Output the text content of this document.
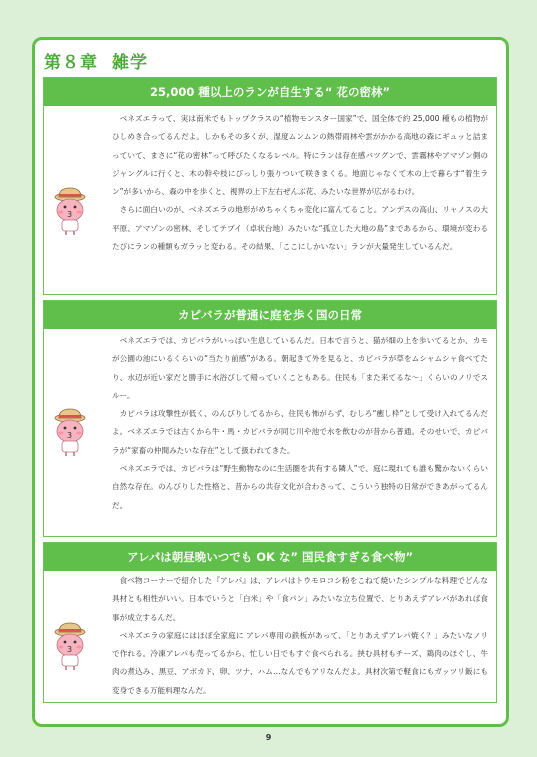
第８章 雑学
25,000 種以上のランが自生する“ 花の密林”
3

ベネズエラって、実は南米でもトップクラスの“植物モンスター国家”で、国全体で約 25,000 種もの植物がひしめき合ってるんだよ。しかもその多くが、湿度ムンムンの熱帯雨林や雲がかかる高地の森にギュッと詰まっていて、まさに“花の密林”って呼びたくなるレベル。特にランは存在感バツグンで、雲霧林やアマゾン側のジャングルに行くと、木の幹や枝にびっしり張りついて咲きまくる。地面じゃなくて木の上で暮らす“着生ラン”が多いから、森の中を歩くと、視界の上下左右ぜんぶ花、みたいな世界が広がるわけ。

さらに面白いのが、ベネズエラの地形がめちゃくちゃ変化に富んてること。アンデスの高山、リャノスの大平原、アマゾンの密林、そしてテプイ（卓状台地）みたいな“孤立した大地の島”まであるから、環境が変わるたびにランの種類もガラッと変わる。その結果、「ここにしかいない」ランが大量発生しているんだ。

カピバラが普通に庭を歩く国の日常
3

ベネズエラでは、カピバラがいっぱい生息しているんだ。日本で言うと、猫が畑の上を歩いてるとか、カモが公園の池にいるくらいの“当たり前感”がある。朝起きて外を見ると、カピバラが草をムシャムシャ食べてたり、水辺が近い家だと勝手に水浴びして帰っていくこともある。住民も「また来てるな～」くらいのノリでスルー。

カピバラは攻撃性が低く、のんびりしてるから、住民も怖がらず、むしろ“癒し枠”として受け入れてるんだよ。ベネズエラでは古くから牛・馬・カピバラが同じ川や池で水を飲むのが昔から普通。そのせいで、カピバラが“家畜の仲間みたいな存在”として扱われてきた。

ベネズエラでは、カピバラは“野生動物なのに生活圏を共有する隣人”で、庭に現れても誰も驚かないくらい自然な存在。のんびりした性格と、昔からの共存文化が合わさって、こういう独特の日常ができあがってるんだ。

アレパは朝昼晩いつでも OK な” 国民食すぎる食べ物”
3

食べ物コーナーで紹介した『アレパ』は、アレパはトウモロコシ粉をこねて焼いたシンプルな料理でどんな具材とも相性がいい。日本でいうと「白米」や「食パン」みたいな立ち位置で、とりあえずアレパがあれば食事が成立するんだ。

ベネズエラの家庭にはほぼ全家庭に アレパ専用の鉄板があって、「とりあえずアレパ焼く？」みたいなノリで作れる。冷凍アレパも売ってるから、忙しい日でもすぐ食べられる。挟む具材もチーズ、鶏肉のほぐし、牛肉の煮込み、黒豆、アボカド、卵、ツナ、ハム…なんでもアリなんだよ。具材次第で軽食にもガッツリ飯にも変身できる万能料理なんだ。

9
